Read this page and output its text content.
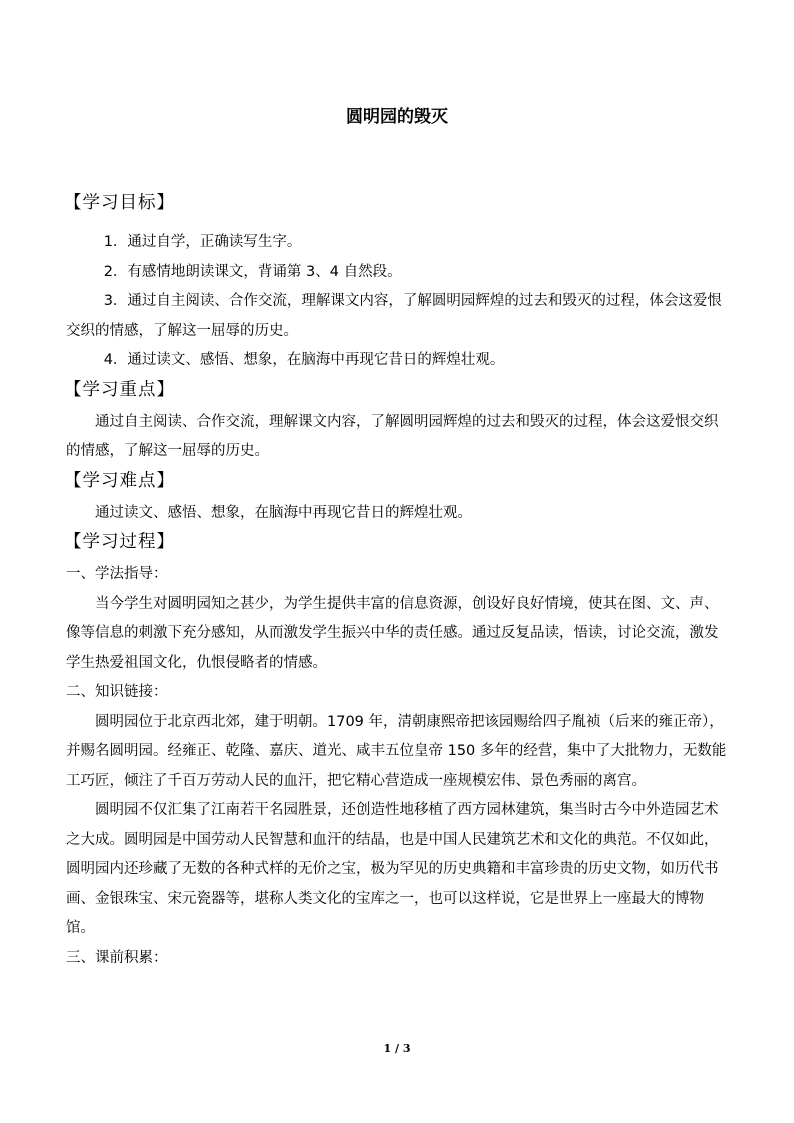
圆明园的毁灭
【学习目标】

1．通过自学，正确读写生字。

2．有感情地朗读课文，背诵第 3、4 自然段。

3．通过自主阅读、合作交流，理解课文内容，了解圆明园辉煌的过去和毁灭的过程，体会这爱恨交织的情感，了解这一屈辱的历史。

4．通过读文、感悟、想象，在脑海中再现它昔日的辉煌壮观。

【学习重点】

通过自主阅读、合作交流，理解课文内容，了解圆明园辉煌的过去和毁灭的过程，体会这爱恨交织的情感，了解这一屈辱的历史。

【学习难点】

通过读文、感悟、想象，在脑海中再现它昔日的辉煌壮观。

【学习过程】

一、学法指导：

当今学生对圆明园知之甚少，为学生提供丰富的信息资源，创设好良好情境，使其在图、文、声、像等信息的刺激下充分感知，从而激发学生振兴中华的责任感。通过反复品读，悟读，讨论交流，激发学生热爱祖国文化，仇恨侵略者的情感。

二、知识链接：

圆明园位于北京西北郊，建于明朝。1709 年，清朝康熙帝把该园赐给四子胤祯（后来的雍正帝），并赐名圆明园。经雍正、乾隆、嘉庆、道光、咸丰五位皇帝 150 多年的经营，集中了大批物力，无数能工巧匠，倾注了千百万劳动人民的血汗，把它精心营造成一座规模宏伟、景色秀丽的离宫。

圆明园不仅汇集了江南若干名园胜景，还创造性地移植了西方园林建筑，集当时古今中外造园艺术之大成。圆明园是中国劳动人民智慧和血汗的结晶，也是中国人民建筑艺术和文化的典范。不仅如此，圆明园内还珍藏了无数的各种式样的无价之宝，极为罕见的历史典籍和丰富珍贵的历史文物，如历代书画、金银珠宝、宋元瓷器等，堪称人类文化的宝库之一，也可以这样说，它是世界上一座最大的博物馆。

三、课前积累：

1 / 3
